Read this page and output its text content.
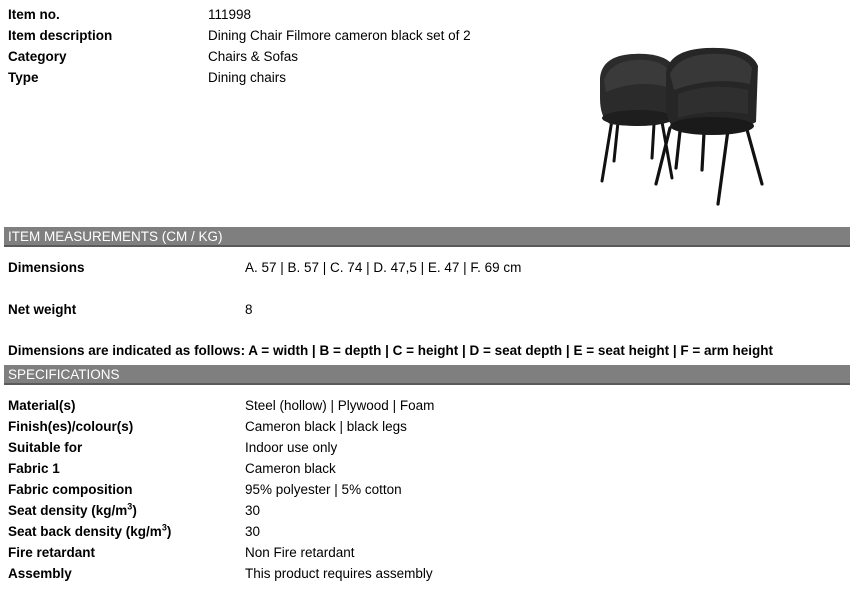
Item no.	111998
Item description	Dining Chair Filmore cameron black set of 2
Category	Chairs & Sofas
Type	Dining chairs
ITEM MEASUREMENTS (CM / KG)
Dimensions	A. 57 | B. 57 | C. 74 | D. 47,5 | E. 47 | F. 69 cm
Net weight	8
Dimensions are indicated as follows: A = width | B = depth | C = height | D = seat depth | E = seat height | F = arm height
SPECIFICATIONS
Material(s)	Steel (hollow) | Plywood | Foam
Finish(es)/colour(s)	Cameron black | black legs
Suitable for	Indoor use only
Fabric 1	Cameron black
Fabric composition	95% polyester | 5% cotton
Seat density $(kg/m^3)$	30
Seat back density $(kg/m^3)$	30
Fire retardant	Non Fire retardant
Assembly	This product requires assembly
